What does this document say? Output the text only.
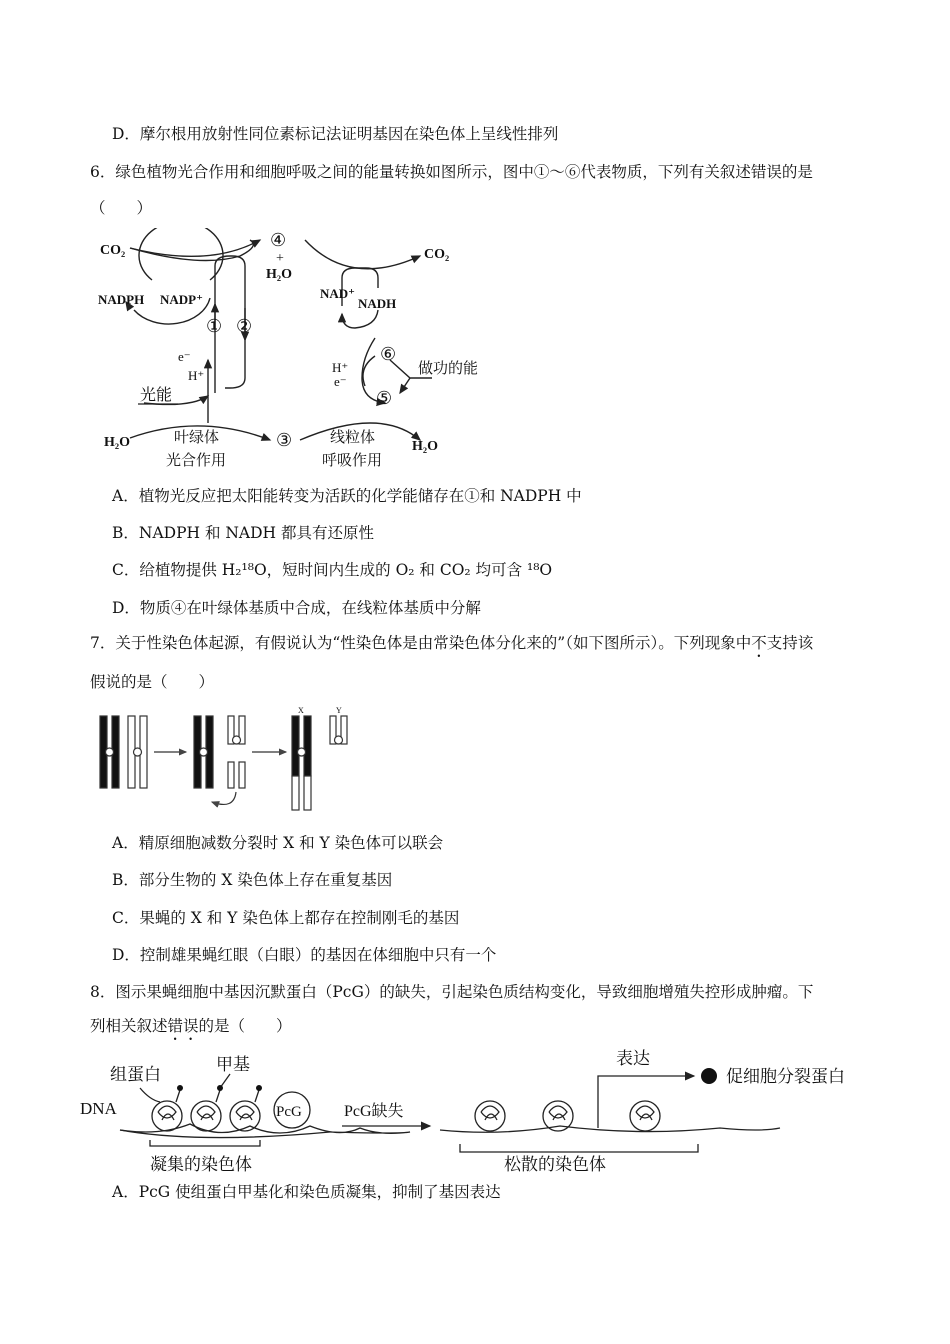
D．摩尔根用放射性同位素标记法证明基因在染色体上呈线性排列
6．绿色植物光合作用和细胞呼吸之间的能量转换如图所示，图中①～⑥代表物质，下列有关叙述错误的是
（　　）
CO₂
NADPH NADP⁺
① ②
e⁻
H⁺
光能
H₂O	叶绿体
光合作用
③
④
+
H₂O
CO₂
NAD⁺
NADH
H⁺
e⁻
⑥
⑤
做功的能
线粒体
呼吸作用
H₂O
A．植物光反应把太阳能转变为活跃的化学能储存在①和 NADPH 中
B．NADPH 和 NADH 都具有还原性
C．给植物提供 H₂¹⁸O，短时间内生成的 O₂ 和 CO₂ 均可含 ¹⁸O
D．物质④在叶绿体基质中合成，在线粒体基质中分解
7．关于性染色体起源，有假说认为“性染色体是由常染色体分化来的”（如下图所示）。下列现象中不支持该
假说的是（　　）
X	Y
A．精原细胞减数分裂时 X 和 Y 染色体可以联会
B．部分生物的 X 染色体上存在重复基因
C．果蝇的 X 和 Y 染色体上都存在控制刚毛的基因
D．控制雄果蝇红眼（白眼）的基因在体细胞中只有一个
8．图示果蝇细胞中基因沉默蛋白（PcG）的缺失，引起染色质结构变化，导致细胞增殖失控形成肿瘤。下
列相关叙述错误的是（　　）
组蛋白
甲基
DNA	PcG
凝集的染色体
PcG缺失
表达
松散的染色体
促细胞分裂蛋白
A．PcG 使组蛋白甲基化和染色质凝集，抑制了基因表达
